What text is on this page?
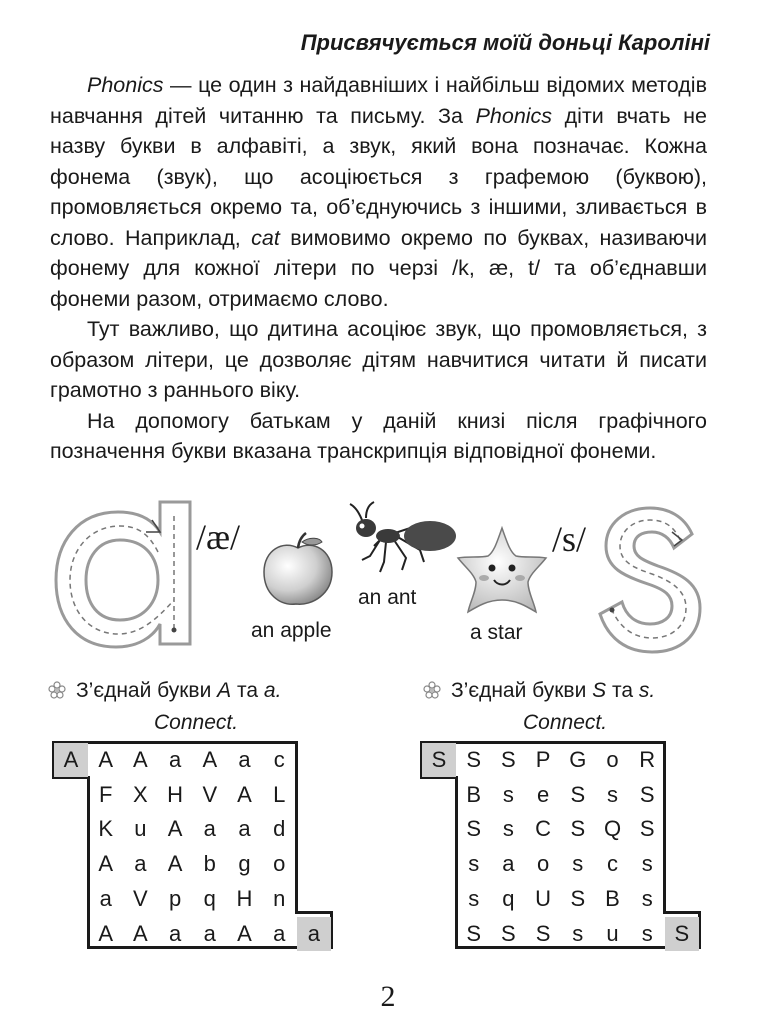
Присвячується моїй доньці Кароліні

Phonics — це один з найдавніших і найбільш відомих методів навчання дітей читанню та письму. За Phonics діти вчать не назву букви в алфавіті, а звук, який вона позначає. Кожна фонема (звук), що асоціюється з графемою (буквою), промовляється окремо та, об’єднуючись з іншими, зливається в слово. Наприклад, cat вимовимо окремо по буквах, називаючи фонему для кожної літери по черзі /k, æ, t/ та об’єднавши фонеми разом, отримаємо слово.

Тут важливо, що дитина асоціює звук, що промовляється, з образом літери, це дозволяє дітям навчитися читати й писати грамотно з раннього віку.

На допомогу батькам у даній книзі після графічного позначення букви вказана транскрипція відповідної фонеми.

/æ/
an apple
an ant
a star
/s/
З’єднай букви A та a.
Connect.
З’єднай букви S та s.
Connect.
A A A a A a	c
F X H V A L
K u A a	a	d
A a A b	g	o
a V p	q H n
A A a	a A a	a
S S S P G o R
B s	e S s S
S s C S Q S
s	a	o	s	c	s
s	q U S B s
S S S s	u	s S
2
